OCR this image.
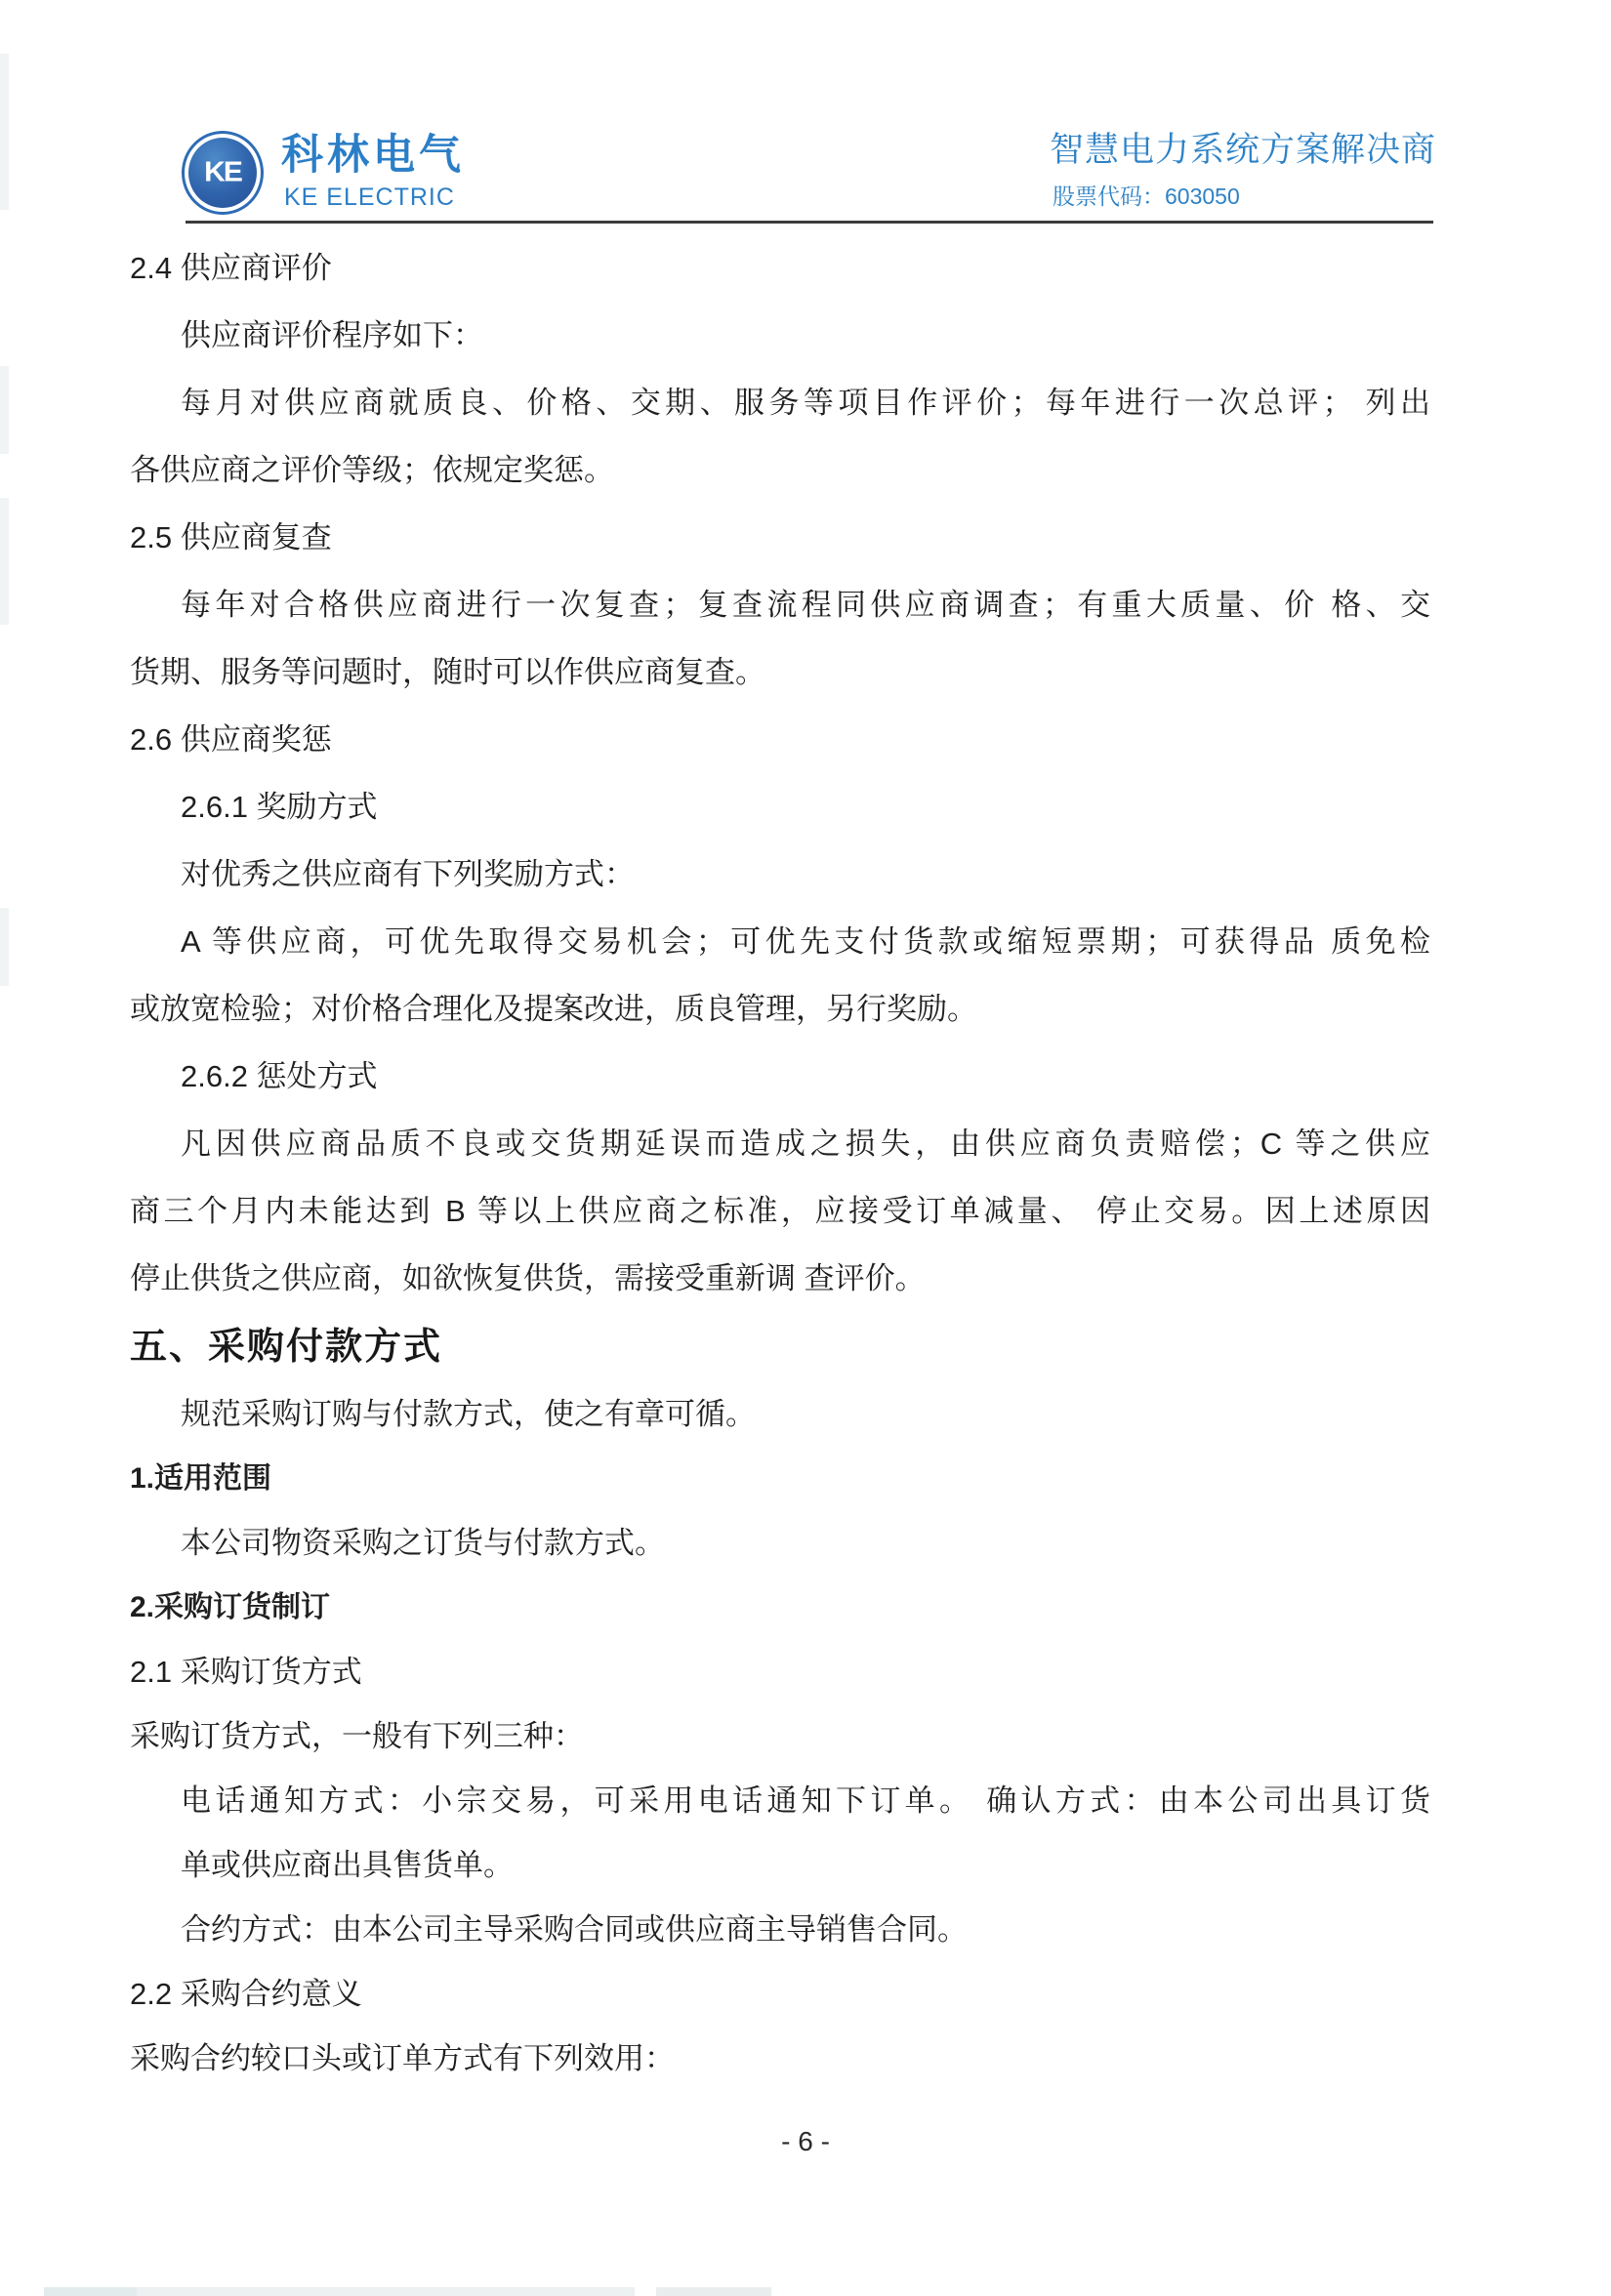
KE 科林电气
KE ELECTRIC
智慧电力系统方案解决商
股票代码：603050

2.4 供应商评价

供应商评价程序如下：

每月对供应商就质良、价格、交期、服务等项目作评价；每年进行一次总评； 列出

各供应商之评价等级；依规定奖惩。

2.5 供应商复查

每年对合格供应商进行一次复查；复查流程同供应商调查；有重大质量、价 格、交

货期、服务等问题时，随时可以作供应商复查。

2.6 供应商奖惩

2.6.1 奖励方式

对优秀之供应商有下列奖励方式：

A 等供应商，可优先取得交易机会；可优先支付货款或缩短票期；可获得品 质免检

或放宽检验；对价格合理化及提案改进，质良管理，另行奖励。

2.6.2 惩处方式

凡因供应商品质不良或交货期延误而造成之损失，由供应商负责赔偿；C 等之供应

商三个月内未能达到 B 等以上供应商之标准，应接受订单减量、 停止交易。因上述原因

停止供货之供应商，如欲恢复供货，需接受重新调 查评价。

五、采购付款方式

规范采购订购与付款方式，使之有章可循。

1.适用范围

本公司物资采购之订货与付款方式。

2.采购订货制订

2.1 采购订货方式

采购订货方式，一般有下列三种：

电话通知方式：小宗交易，可采用电话通知下订单。 确认方式：由本公司出具订货

单或供应商出具售货单。

合约方式：由本公司主导采购合同或供应商主导销售合同。

2.2 采购合约意义

采购合约较口头或订单方式有下列效用：

- 6 -
